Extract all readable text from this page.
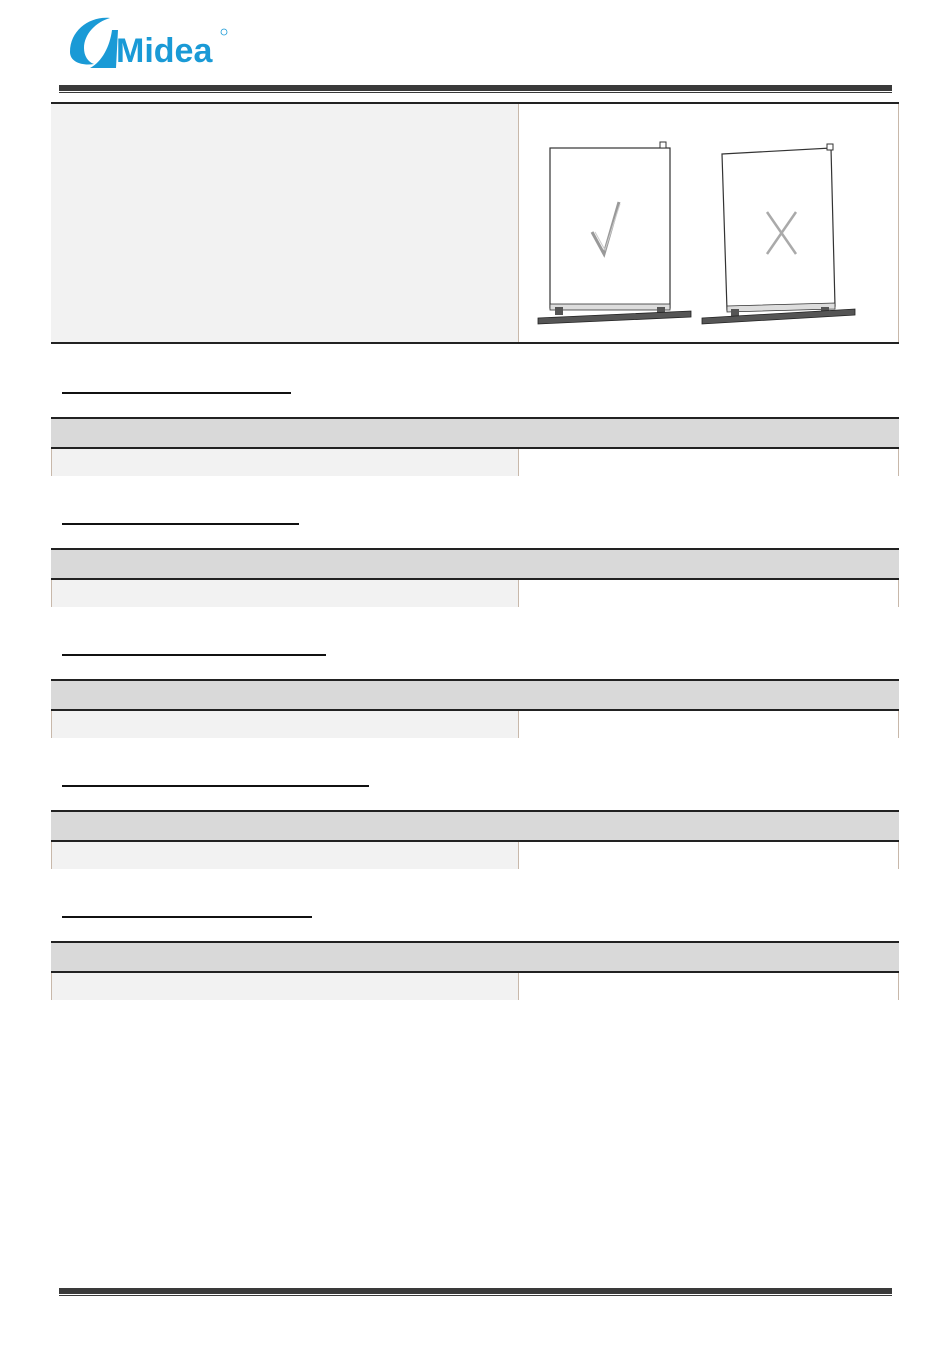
Midea
